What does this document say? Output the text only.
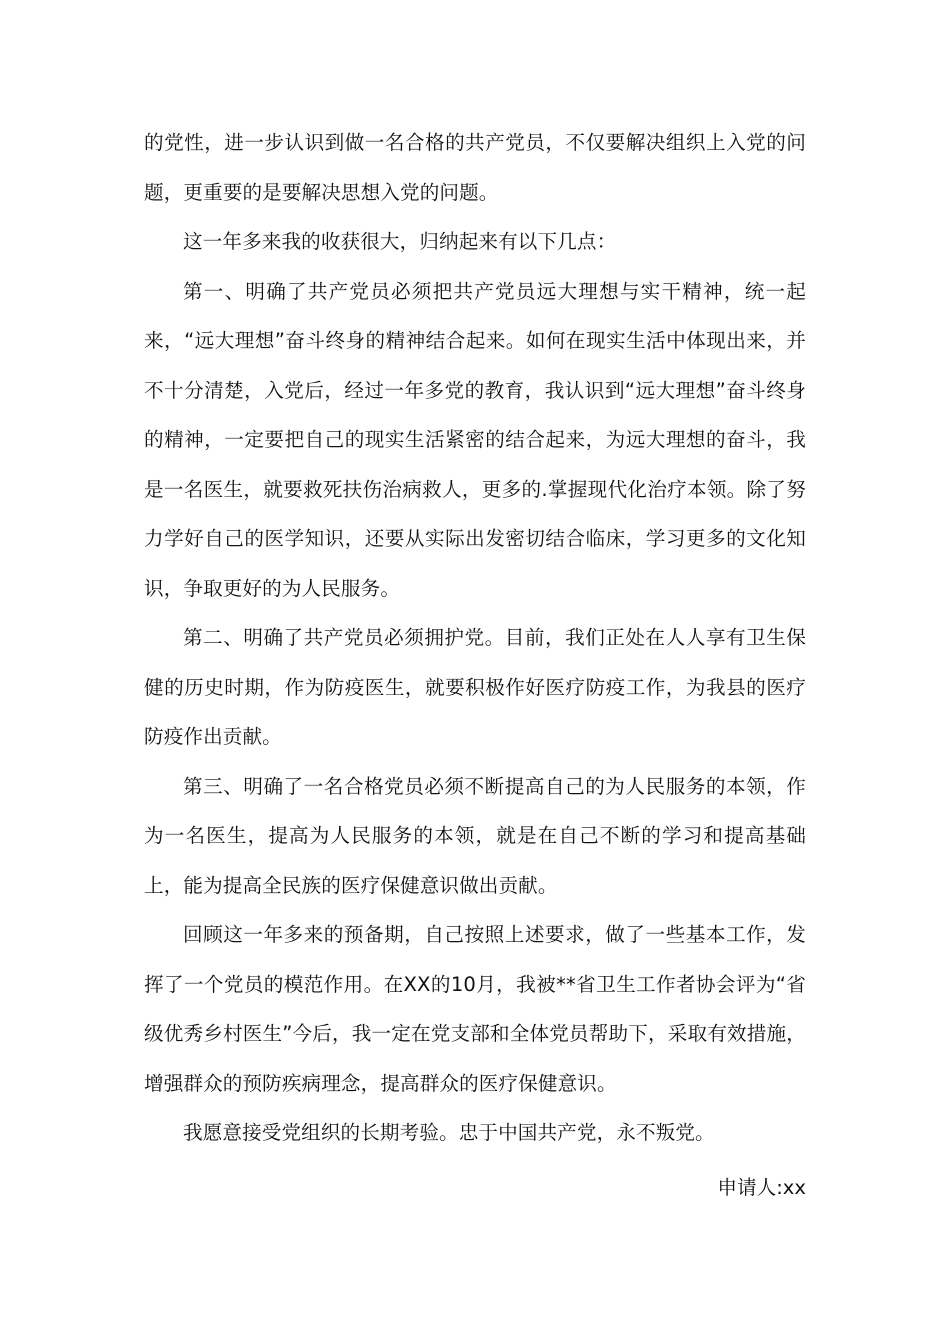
的党性，进一步认识到做一名合格的共产党员，不仅要解决组织上入党的问题，更重要的是要解决思想入党的问题。

这一年多来我的收获很大，归纳起来有以下几点：

第一、明确了共产党员必须把共产党员远大理想与实干精神，统一起来，“远大理想”奋斗终身的精神结合起来。如何在现实生活中体现出来，并不十分清楚，入党后，经过一年多党的教育，我认识到“远大理想”奋斗终身的精神，一定要把自己的现实生活紧密的结合起来，为远大理想的奋斗，我是一名医生，就要救死扶伤治病救人，更多的.掌握现代化治疗本领。除了努力学好自己的医学知识，还要从实际出发密切结合临床，学习更多的文化知识，争取更好的为人民服务。

第二、明确了共产党员必须拥护党。目前，我们正处在人人享有卫生保健的历史时期，作为防疫医生，就要积极作好医疗防疫工作，为我县的医疗防疫作出贡献。

第三、明确了一名合格党员必须不断提高自己的为人民服务的本领，作为一名医生，提高为人民服务的本领，就是在自己不断的学习和提高基础上，能为提高全民族的医疗保健意识做出贡献。

回顾这一年多来的预备期，自己按照上述要求，做了一些基本工作，发挥了一个党员的模范作用。在XX的10月，我被**省卫生工作者协会评为“省级优秀乡村医生”今后，我一定在党支部和全体党员帮助下，采取有效措施，增强群众的预防疾病理念，提高群众的医疗保健意识。

我愿意接受党组织的长期考验。忠于中国共产党，永不叛党。

申请人:xx
